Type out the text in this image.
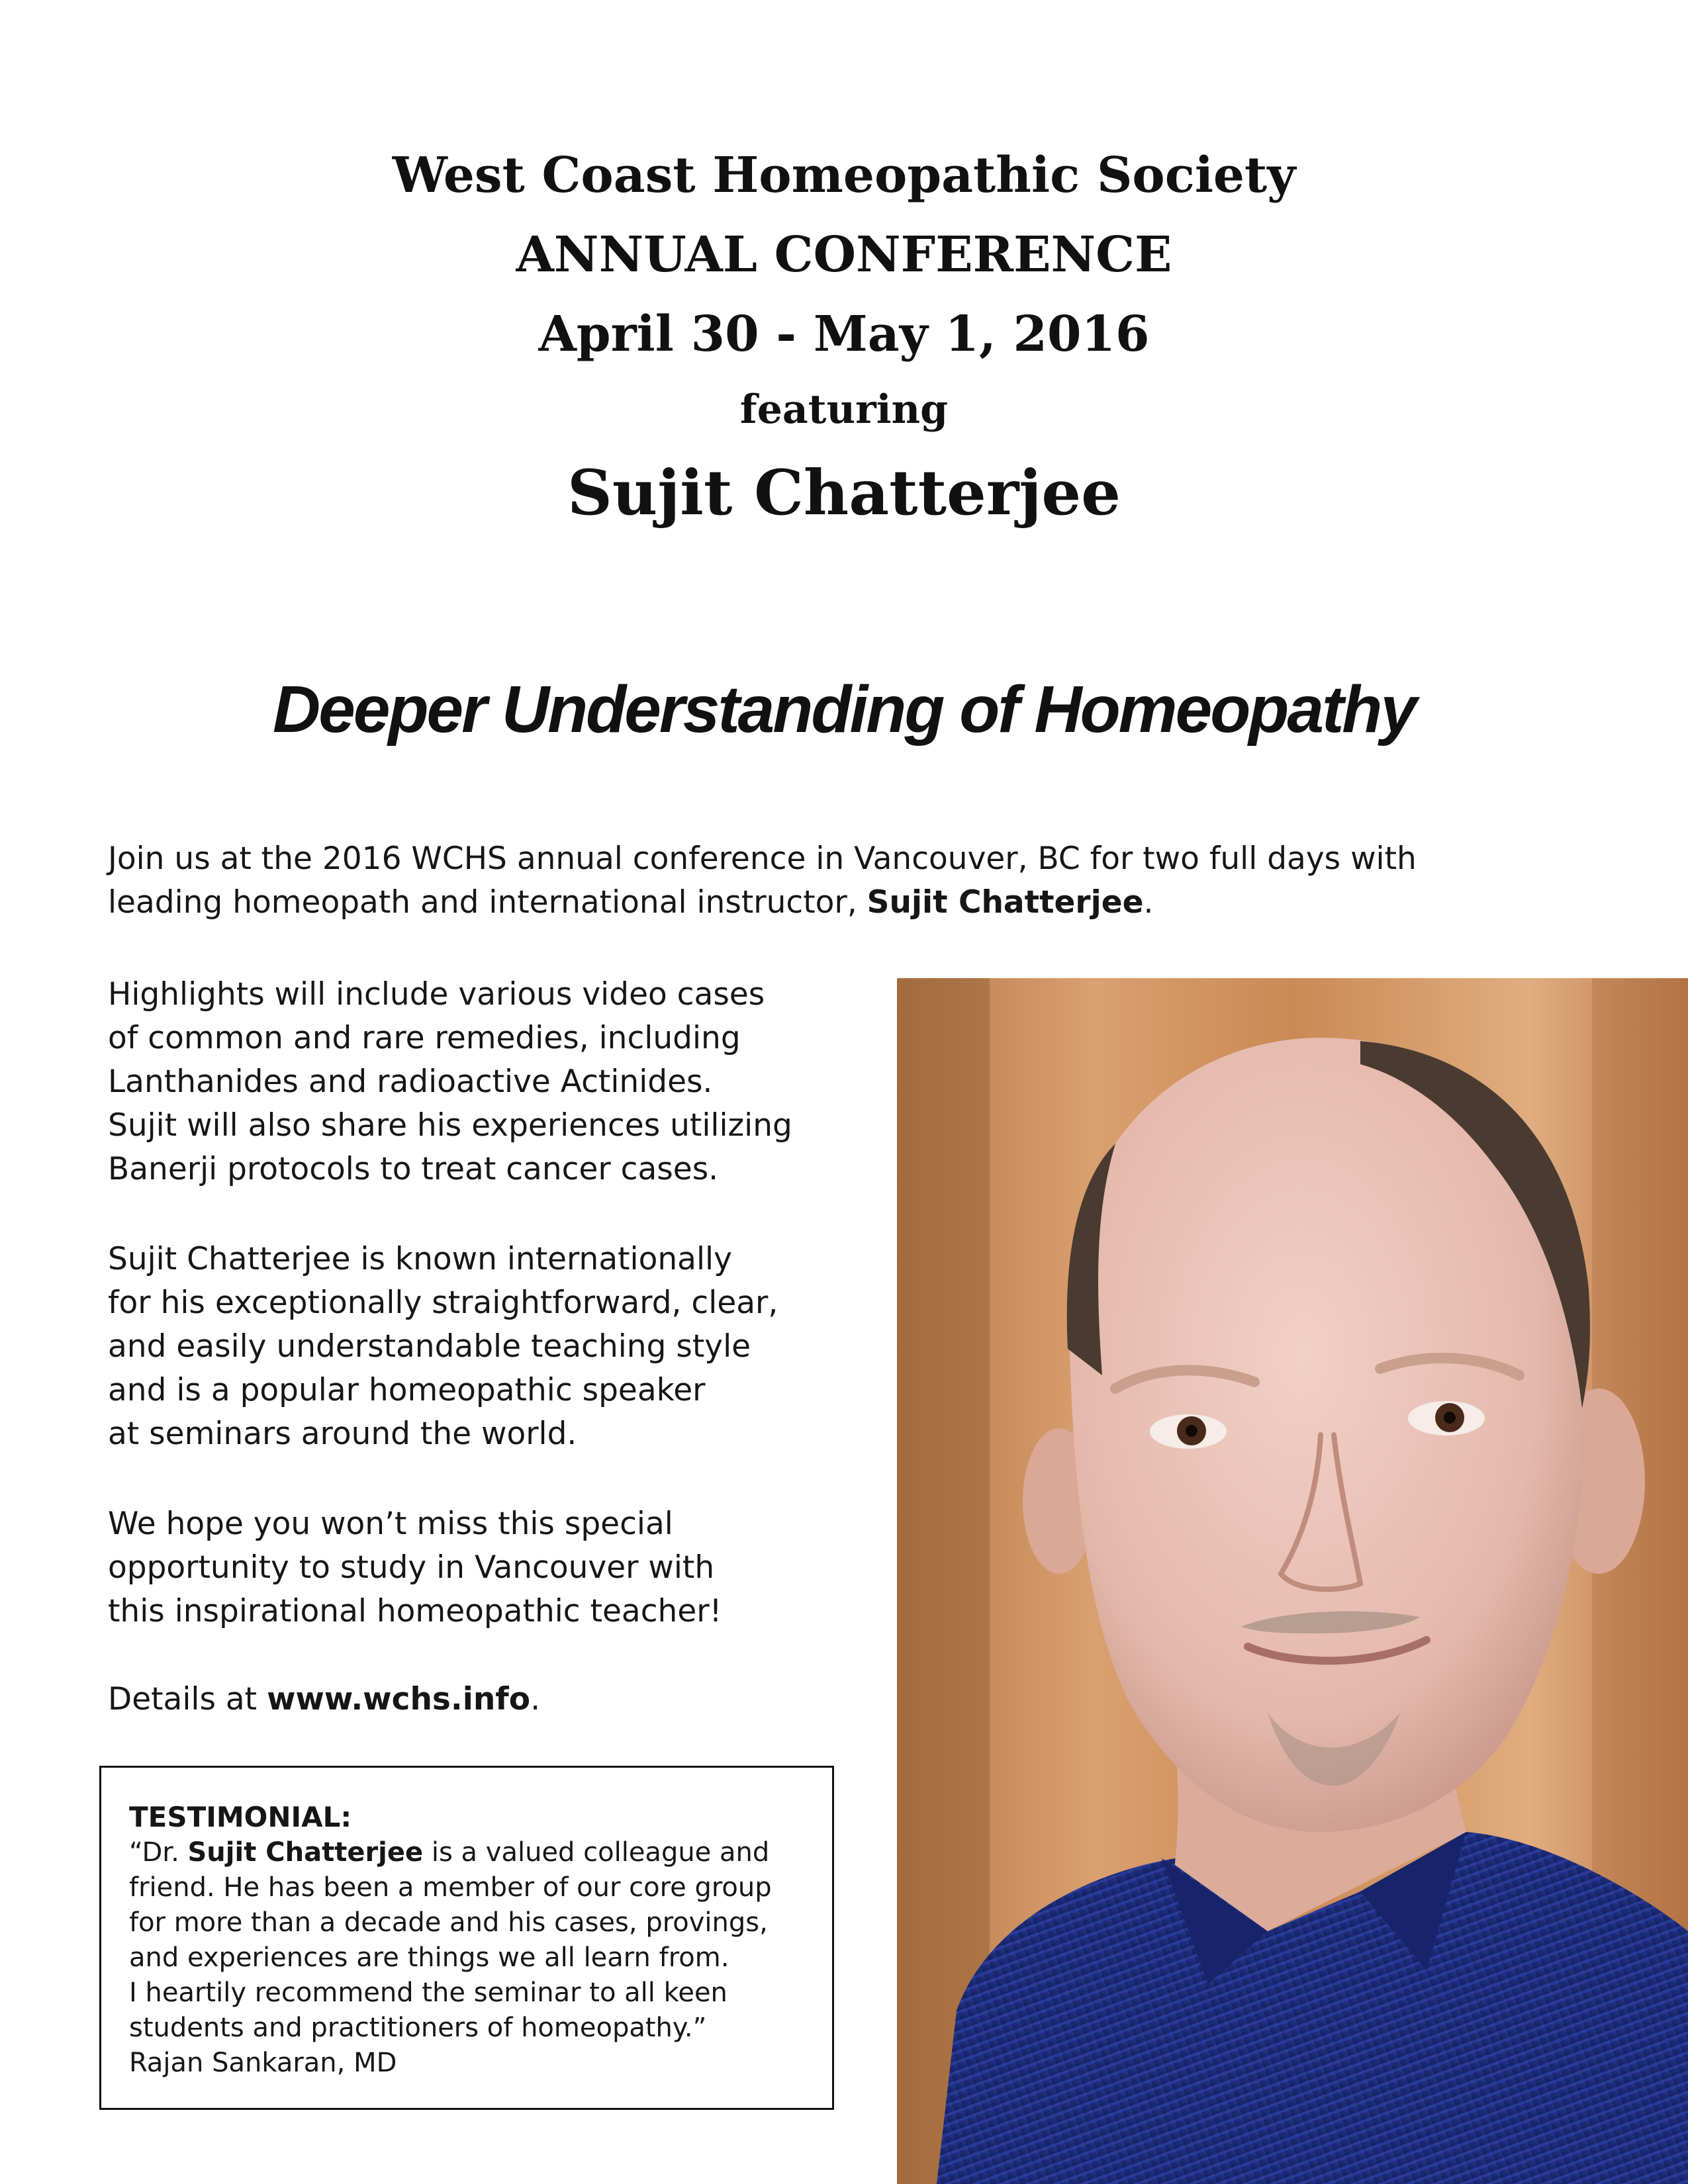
West Coast Homeopathic Society
ANNUAL CONFERENCE
April 30 - May 1, 2016
featuring
Sujit Chatterjee
Deeper Understanding of Homeopathy

Join us at the 2016 WCHS annual conference in Vancouver, BC for two full days with
leading homeopath and international instructor, Sujit Chatterjee.

Highlights will include various video cases
of common and rare remedies, including
Lanthanides and radioactive Actinides.
Sujit will also share his experiences utilizing
Banerji protocols to treat cancer cases.

Sujit Chatterjee is known internationally
for his exceptionally straightforward, clear,
and easily understandable teaching style
and is a popular homeopathic speaker
at seminars around the world.

We hope you won’t miss this special
opportunity to study in Vancouver with
this inspirational homeopathic teacher!

Details at www.wchs.info.

TESTIMONIAL:

“Dr. Sujit Chatterjee is a valued colleague and
friend. He has been a member of our core group
for more than a decade and his cases, provings,
and experiences are things we all learn from.
I heartily recommend the seminar to all keen
students and practitioners of homeopathy.”

Rajan Sankaran, MD
